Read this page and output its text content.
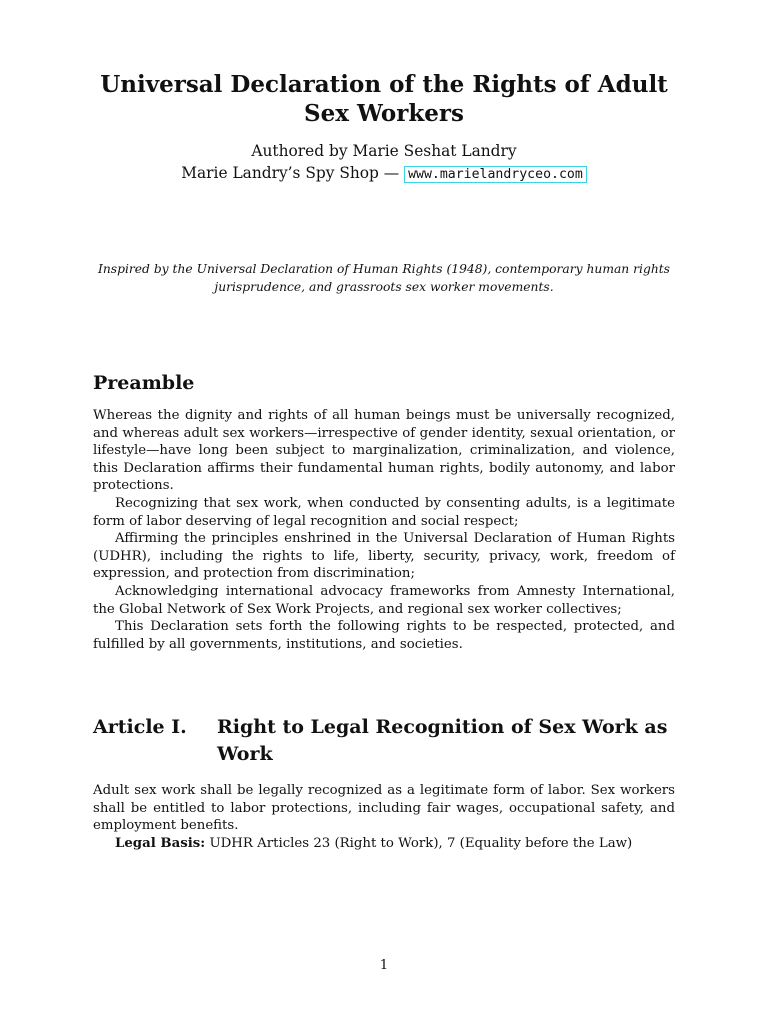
Universal Declaration of the Rights of Adult Sex Workers
Authored by Marie Seshat Landry
Marie Landry’s Spy Shop — www.marielandryceo.com
Inspired by the Universal Declaration of Human Rights (1948), contemporary human rights jurisprudence, and grassroots sex worker movements.
Preamble

Whereas the dignity and rights of all human beings must be universally recognized, and whereas adult sex workers—irrespective of gender identity, sexual orientation, or lifestyle—have long been subject to marginalization, criminalization, and violence, this Declaration affirms their fundamental human rights, bodily autonomy, and labor protections.

Recognizing that sex work, when conducted by consenting adults, is a legitimate form of labor deserving of legal recognition and social respect;

Affirming the principles enshrined in the Universal Declaration of Human Rights (UDHR), including the rights to life, liberty, security, privacy, work, freedom of expression, and protection from discrimination;

Acknowledging international advocacy frameworks from Amnesty International, the Global Network of Sex Work Projects, and regional sex worker collectives;

This Declaration sets forth the following rights to be respected, protected, and fulfilled by all governments, institutions, and societies.

Article I.	Right to Legal Recognition of Sex Work as Work

Adult sex work shall be legally recognized as a legitimate form of labor. Sex workers shall be entitled to labor protections, including fair wages, occupational safety, and employment benefits.

Legal Basis: UDHR Articles 23 (Right to Work), 7 (Equality before the Law)

1
